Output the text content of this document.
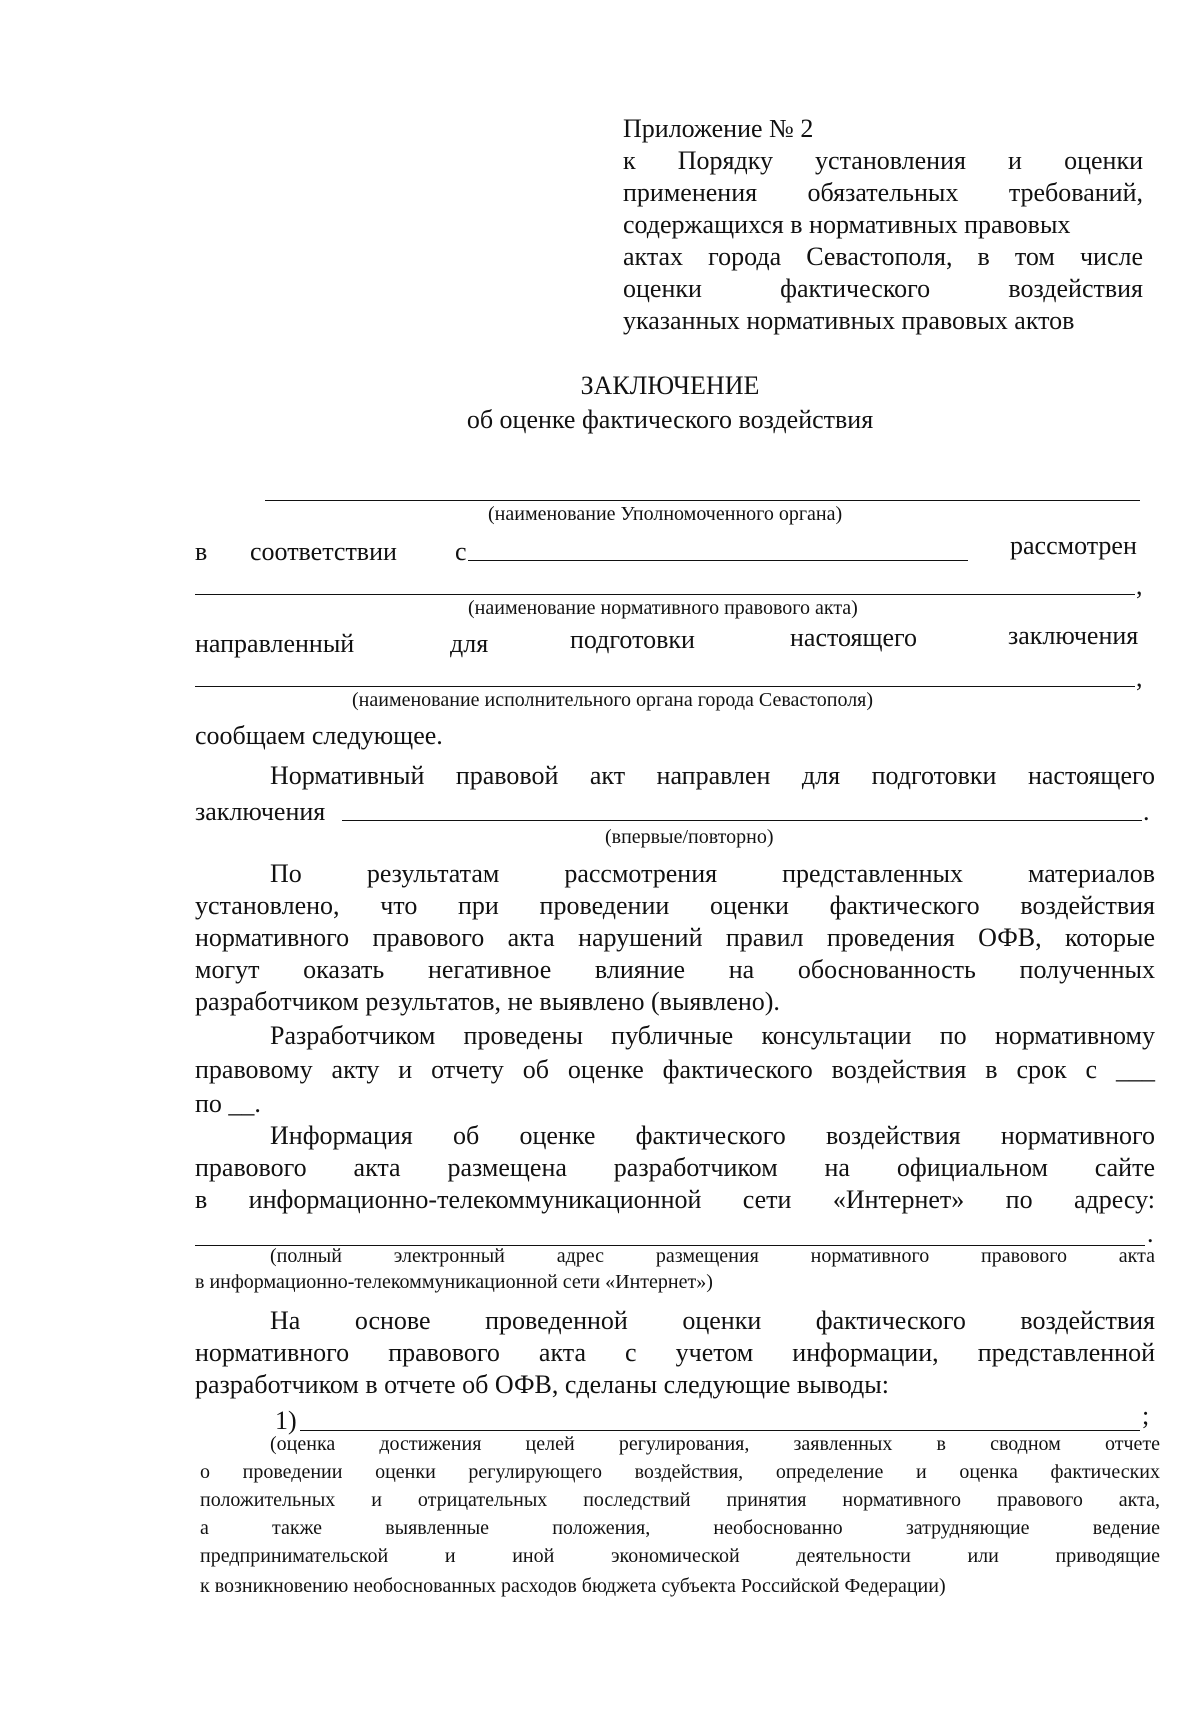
Приложение № 2
к Порядку установления и оценки
применения обязательных требований,
содержащихся в нормативных правовых
актах города Севастополя, в том числе
оценки фактического воздействия
указанных нормативных правовых актов
ЗАКЛЮЧЕНИЕ
об оценке фактического воздействия
(наименование Уполномоченного органа)
в соответствии с	рассмотрен
,
(наименование нормативного правового акта)
направленный	для	подготовки	настоящего	заключения
,
(наименование исполнительного органа города Севастополя)
сообщаем следующее.
Нормативный правовой акт направлен для подготовки настоящего
заключения	.
(впервые/повторно)
По результатам рассмотрения представленных материалов
установлено, что при проведении оценки фактического воздействия
нормативного правового акта нарушений правил проведения ОФВ, которые
могут оказать негативное влияние на обоснованность полученных
разработчиком результатов, не выявлено (выявлено).
Разработчиком проведены публичные консультации по нормативному
правовому акту и отчету об оценке фактического воздействия в срок с ___
по __.
Информация об оценке фактического воздействия нормативного
правового акта размещена разработчиком на официальном сайте
в информационно-телекоммуникационной сети «Интернет» по адресу:
.
(полный электронный адрес размещения нормативного правового акта
в информационно-телекоммуникационной сети «Интернет»)
На основе проведенной оценки фактического воздействия
нормативного правового акта с учетом информации, представленной
разработчиком в отчете об ОФВ, сделаны следующие выводы:
1)	;
(оценка достижения целей регулирования, заявленных в сводном отчете
о проведении оценки регулирующего воздействия, определение и оценка фактических
положительных и отрицательных последствий принятия нормативного правового акта,
а также выявленные положения, необоснованно затрудняющие ведение
предпринимательской и иной экономической деятельности или приводящие
к возникновению необоснованных расходов бюджета субъекта Российской Федерации)
